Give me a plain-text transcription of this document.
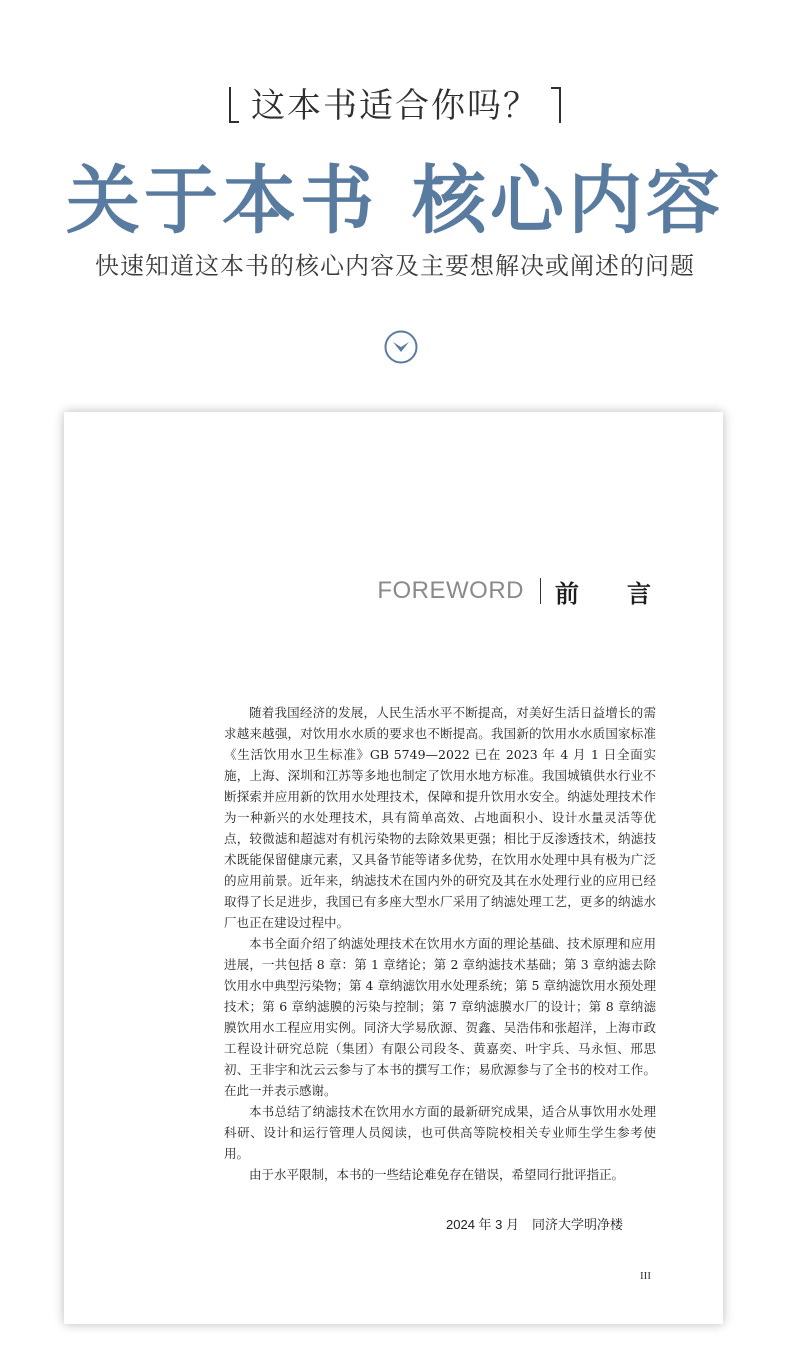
这本书适合你吗？
关于本书 核心内容
快速知道这本书的核心内容及主要想解决或阐述的问题
FOREWORD 前言

随着我国经济的发展，人民生活水平不断提高，对美好生活日益增长的需求越来越强，对饮用水水质的要求也不断提高。我国新的饮用水水质国家标准《生活饮用水卫生标准》GB 5749—2022 已在 2023 年 4 月 1 日全面实施，上海、深圳和江苏等多地也制定了饮用水地方标准。我国城镇供水行业不断探索并应用新的饮用水处理技术，保障和提升饮用水安全。纳滤处理技术作为一种新兴的水处理技术，具有简单高效、占地面积小、设计水量灵活等优点，较微滤和超滤对有机污染物的去除效果更强；相比于反渗透技术，纳滤技术既能保留健康元素，又具备节能等诸多优势，在饮用水处理中具有极为广泛的应用前景。近年来，纳滤技术在国内外的研究及其在水处理行业的应用已经取得了长足进步，我国已有多座大型水厂采用了纳滤处理工艺，更多的纳滤水厂也正在建设过程中。

本书全面介绍了纳滤处理技术在饮用水方面的理论基础、技术原理和应用进展，一共包括 8 章：第 1 章绪论；第 2 章纳滤技术基础；第 3 章纳滤去除饮用水中典型污染物；第 4 章纳滤饮用水处理系统；第 5 章纳滤饮用水预处理技术；第 6 章纳滤膜的污染与控制；第 7 章纳滤膜水厂的设计；第 8 章纳滤膜饮用水工程应用实例。同济大学易欣源、贺鑫、吴浩伟和张超洋，上海市政工程设计研究总院（集团）有限公司段冬、黄嘉奕、叶宇兵、马永恒、邢思初、王非宇和沈云云参与了本书的撰写工作；易欣源参与了全书的校对工作。在此一并表示感谢。

本书总结了纳滤技术在饮用水方面的最新研究成果，适合从事饮用水处理科研、设计和运行管理人员阅读，也可供高等院校相关专业师生学生参考使用。

由于水平限制，本书的一些结论难免存在错误，希望同行批评指正。

2024 年 3 月　同济大学明净楼
III
